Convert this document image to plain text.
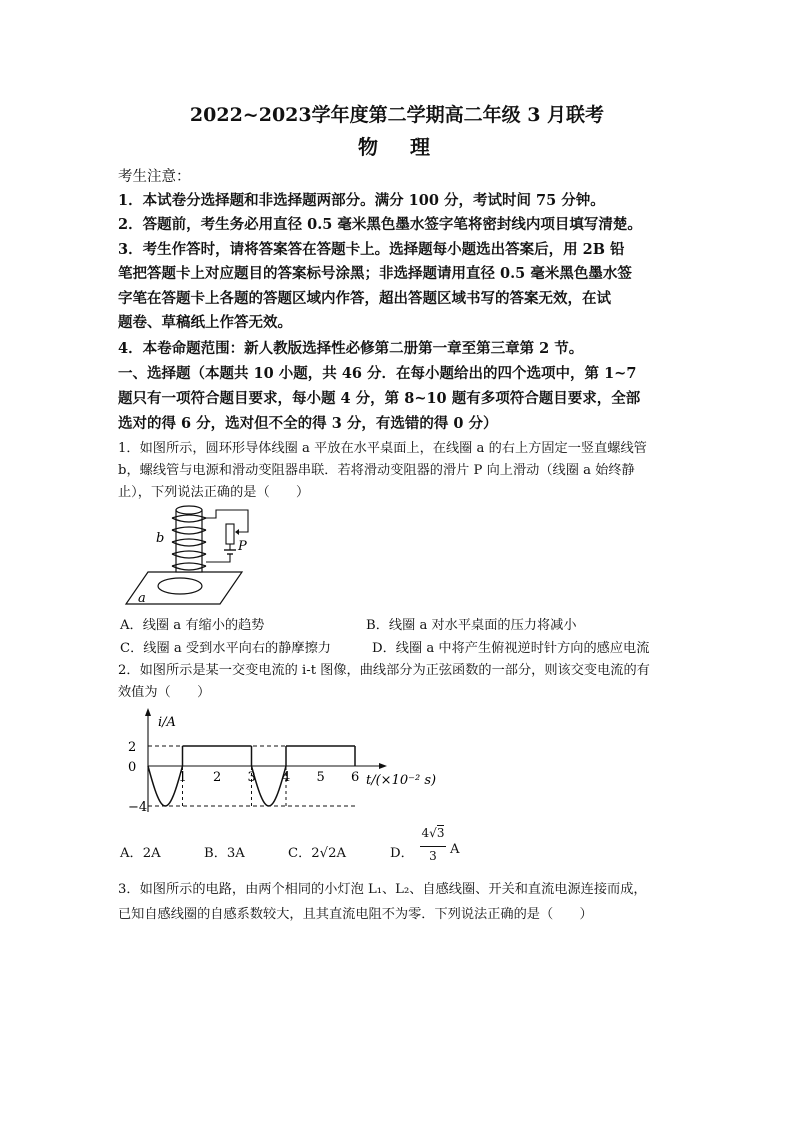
2022~2023学年度第二学期高二年级 3 月联考
物　理
考生注意：
1．本试卷分选择题和非选择题两部分。满分 100 分，考试时间 75 分钟。
2．答题前，考生务必用直径 0.5 毫米黑色墨水签字笔将密封线内项目填写清楚。
3．考生作答时，请将答案答在答题卡上。选择题每小题选出答案后，用 2B 铅
笔把答题卡上对应题目的答案标号涂黑；非选择题请用直径 0.5 毫米黑色墨水签
字笔在答题卡上各题的答题区域内作答，超出答题区域书写的答案无效，在试
题卷、草稿纸上作答无效。
4．本卷命题范围：新人教版选择性必修第二册第一章至第三章第 2 节。
一、选择题（本题共 10 小题，共 46 分．在每小题给出的四个选项中，第 1~7
题只有一项符合题目要求，每小题 4 分，第 8~10 题有多项符合题目要求，全部
选对的得 6 分，选对但不全的得 3 分，有选错的得 0 分）
1．如图所示，圆环形导体线圈 a 平放在水平桌面上，在线圈 a 的右上方固定一竖直螺线管
b，螺线管与电源和滑动变阻器串联．若将滑动变阻器的滑片 P 向上滑动（线圈 a 始终静
止），下列说法正确的是（　　）
b
P
a
A．线圈 a 有缩小的趋势	B．线圈 a 对水平桌面的压力将减小
C．线圈 a 受到水平向右的静摩擦力	D．线圈 a 中将产生俯视逆时针方向的感应电流
2．如图所示是某一交变电流的 i-t 图像，曲线部分为正弦函数的一部分，则该交变电流的有
效值为（　　）
1 2 3 4 5 6
2
0
−4
i/A
t/(×10⁻² s)
A．2A	B．3A	C．2√2A	D．
4√3
3 A
3．如图所示的电路，由两个相同的小灯泡 L₁、L₂、自感线圈、开关和直流电源连接而成，
已知自感线圈的自感系数较大，且其直流电阻不为零．下列说法正确的是（　　）
